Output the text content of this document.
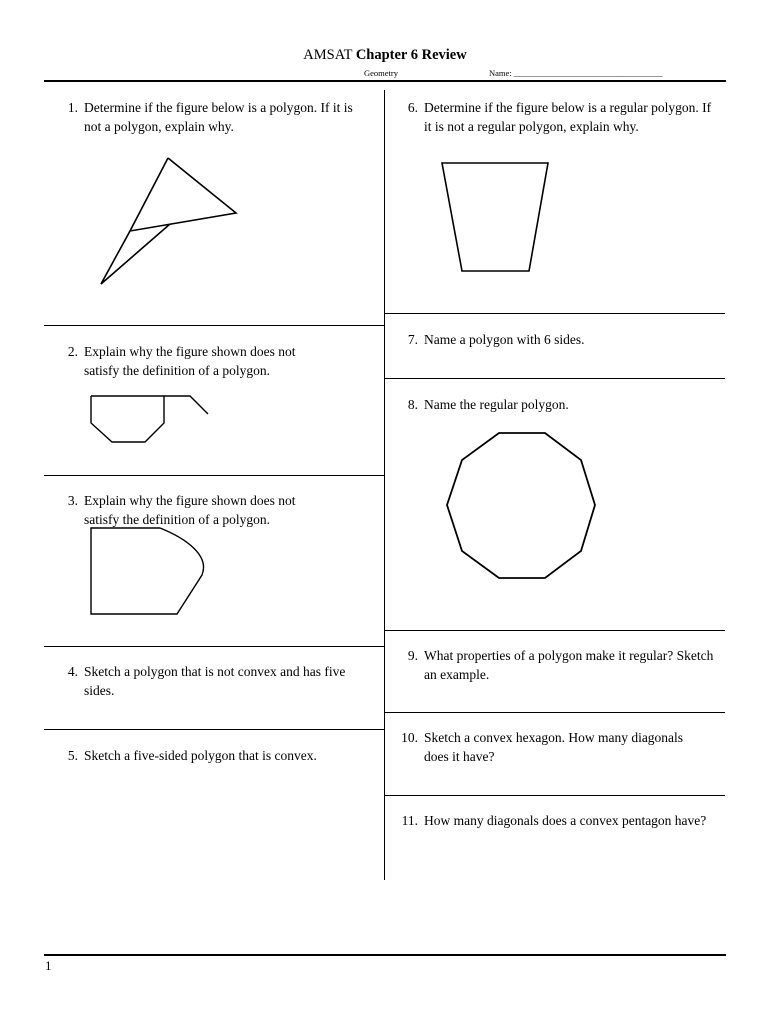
AMSAT Chapter 6 Review
Geometry	Name: ___________________________________
1. Determine if the figure below is a polygon. If it is not a polygon, explain why.
2. Explain why the figure shown does not satisfy the definition of a polygon.
3. Explain why the figure shown does not satisfy the definition of a polygon.
4. Sketch a polygon that is not convex and has five sides.
5. Sketch a five-sided polygon that is convex.
6. Determine if the figure below is a regular polygon. If it is not a regular polygon, explain why.
7. Name a polygon with 6 sides.
8. Name the regular polygon.
9. What properties of a polygon make it regular? Sketch an example.
10. Sketch a convex hexagon. How many diagonals does it have?
11. How many diagonals does a convex pentagon have?
1
